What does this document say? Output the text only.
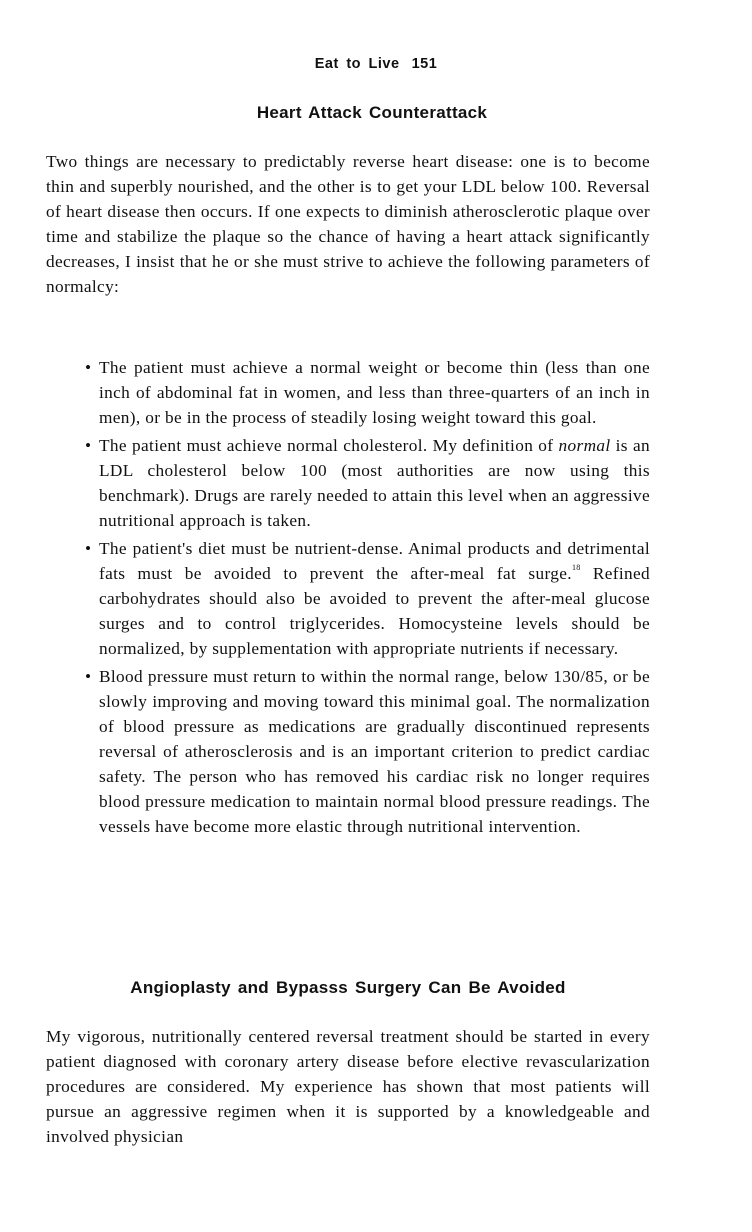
Eat to Live 151
Heart Attack Counterattack

Two things are necessary to predictably reverse heart disease: one is to become thin and superbly nourished, and the other is to get your LDL below 100. Reversal of heart disease then occurs. If one expects to diminish atherosclerotic plaque over time and stabilize the plaque so the chance of having a heart attack significantly decreases, I insist that he or she must strive to achieve the following parameters of normalcy:

• The patient must achieve a normal weight or become thin (less than one inch of abdominal fat in women, and less than three-quarters of an inch in men), or be in the process of steadily losing weight toward this goal.
• The patient must achieve normal cholesterol. My definition of normal is an LDL cholesterol below 100 (most authorities are now using this benchmark). Drugs are rarely needed to attain this level when an aggressive nutritional approach is taken.
• The patient's diet must be nutrient-dense. Animal products and detrimental fats must be avoided to prevent the after-meal fat surge.$^{18}$ Refined carbohydrates should also be avoided to prevent the after-meal glucose surges and to control triglycerides. Homocysteine levels should be normalized, by supplementation with appropriate nutrients if necessary.
• Blood pressure must return to within the normal range, below 130/85, or be slowly improving and moving toward this minimal goal. The normalization of blood pressure as medications are gradually discontinued represents reversal of atherosclerosis and is an important criterion to predict cardiac safety. The person who has removed his cardiac risk no longer requires blood pressure medication to maintain normal blood pressure readings. The vessels have become more elastic through nutritional intervention.
Angioplasty and Bypasss Surgery Can Be Avoided

My vigorous, nutritionally centered reversal treatment should be started in every patient diagnosed with coronary artery disease before elective revascularization procedures are considered. My experience has shown that most patients will pursue an aggressive regimen when it is supported by a knowledgeable and involved physician
